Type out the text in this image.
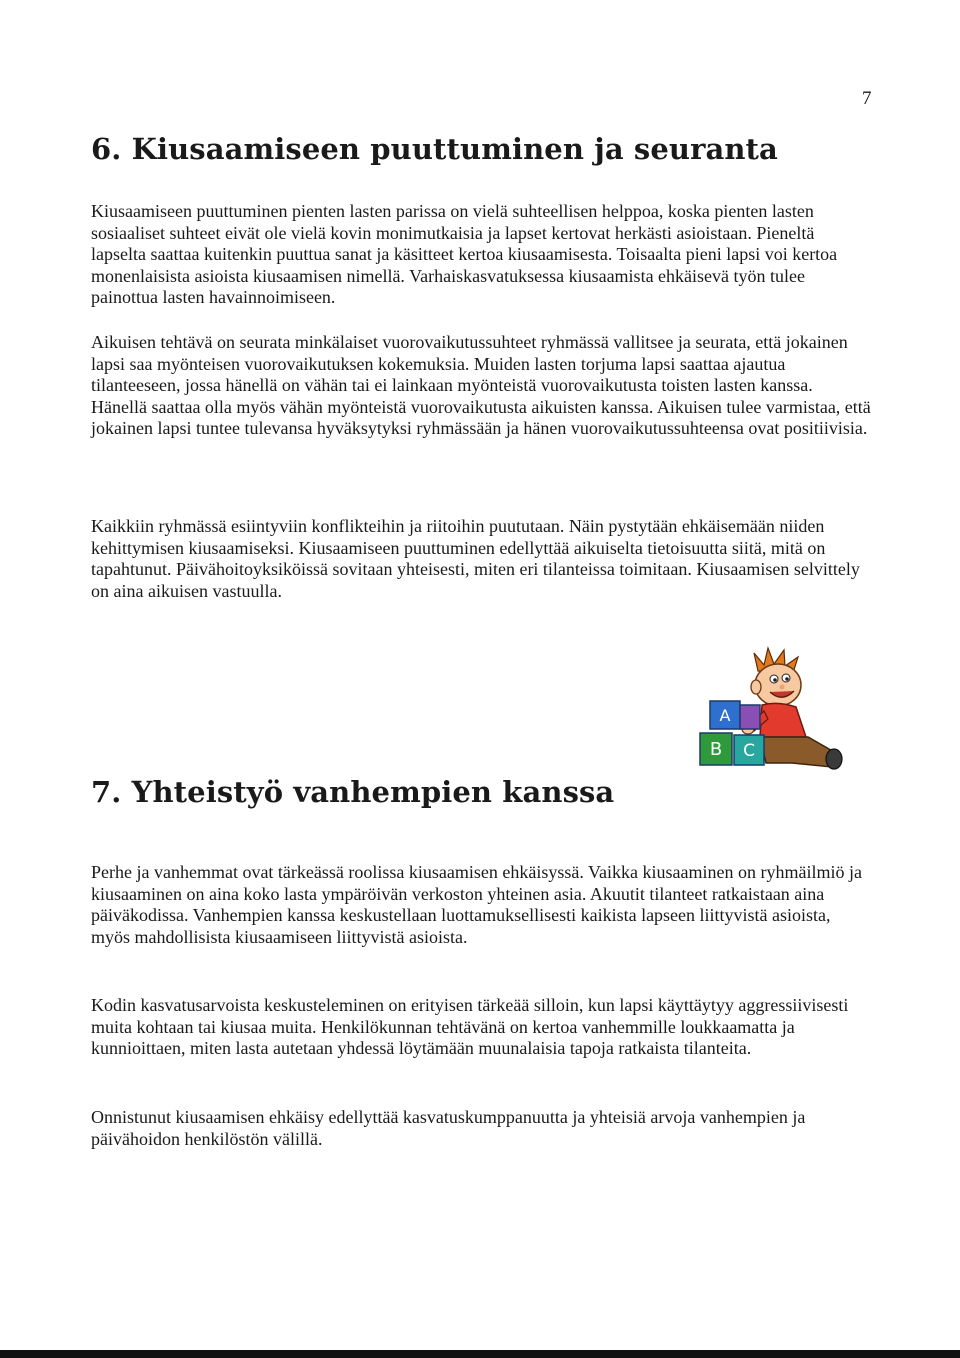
7
6. Kiusaamiseen puuttuminen ja seuranta

Kiusaamiseen puuttuminen pienten lasten parissa on vielä suhteellisen helppoa, koska pienten lasten sosiaaliset suhteet eivät ole vielä kovin monimutkaisia ja lapset kertovat herkästi asioistaan. Pieneltä lapselta saattaa kuitenkin puuttua sanat ja käsitteet kertoa kiusaamisesta. Toisaalta pieni lapsi voi kertoa monenlaisista asioista kiusaamisen nimellä. Varhaiskasvatuksessa kiusaamista ehkäisevä työn tulee painottua lasten havainnoimiseen.

Aikuisen tehtävä on seurata minkälaiset vuorovaikutussuhteet ryhmässä vallitsee ja seurata, että jokainen lapsi saa myönteisen vuorovaikutuksen kokemuksia. Muiden lasten torjuma lapsi saattaa ajautua tilanteeseen, jossa hänellä on vähän tai ei lainkaan myönteistä vuorovaikutusta toisten lasten kanssa. Hänellä saattaa olla myös vähän myönteistä vuorovaikutusta aikuisten kanssa. Aikuisen tulee varmistaa, että jokainen lapsi tuntee tulevansa hyväksytyksi ryhmässään ja hänen vuorovaikutussuhteensa ovat positiivisia.

Kaikkiin ryhmässä esiintyviin konflikteihin ja riitoihin puututaan. Näin pystytään ehkäisemään niiden kehittymisen kiusaamiseksi. Kiusaamiseen puuttuminen edellyttää aikuiselta tietoisuutta siitä, mitä on tapahtunut. Päivähoitoyksiköissä sovitaan yhteisesti, miten eri tilanteissa toimitaan. Kiusaamisen selvittely on aina aikuisen vastuulla.

A
B C
7. Yhteistyö vanhempien kanssa

Perhe ja vanhemmat ovat tärkeässä roolissa kiusaamisen ehkäisyssä. Vaikka kiusaaminen on ryhmäilmiö ja kiusaaminen on aina koko lasta ympäröivän verkoston yhteinen asia. Akuutit tilanteet ratkaistaan aina päiväkodissa. Vanhempien kanssa keskustellaan luottamuksellisesti kaikista lapseen liittyvistä asioista, myös mahdollisista kiusaamiseen liittyvistä asioista.

Kodin kasvatusarvoista keskusteleminen on erityisen tärkeää silloin, kun lapsi käyttäytyy aggressiivisesti muita kohtaan tai kiusaa muita. Henkilökunnan tehtävänä on kertoa vanhemmille loukkaamatta ja kunnioittaen, miten lasta autetaan yhdessä löytämään muunalaisia tapoja ratkaista tilanteita.

Onnistunut kiusaamisen ehkäisy edellyttää kasvatuskumppanuutta ja yhteisiä arvoja vanhempien ja päivähoidon henkilöstön välillä.
